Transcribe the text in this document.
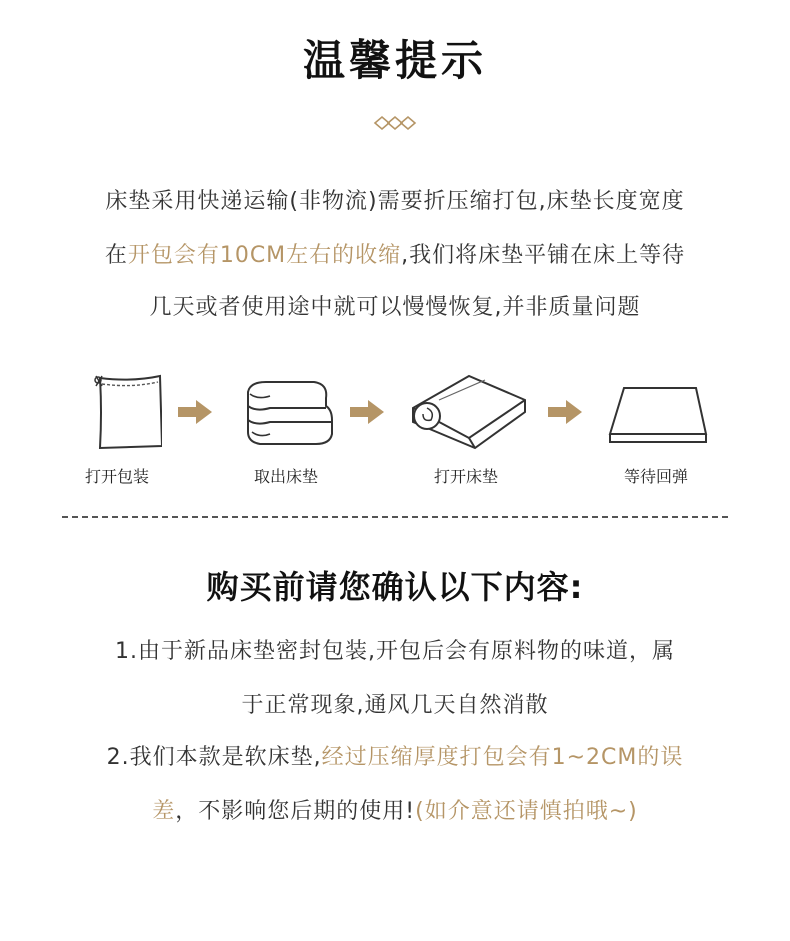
温馨提示
床垫采用快递运输(非物流)需要折压缩打包,床垫长度宽度
在开包会有10CM左右的收缩,我们将床垫平铺在床上等待
几天或者使用途中就可以慢慢恢复,并非质量问题
打开包装	取出床垫	打开床垫	等待回弹
购买前请您确认以下内容:
1.由于新品床垫密封包装,开包后会有原料物的味道，属
于正常现象,通风几天自然消散
2.我们本款是软床垫,经过压缩厚度打包会有1~2CM的误
差，不影响您后期的使用!(如介意还请慎拍哦~)
